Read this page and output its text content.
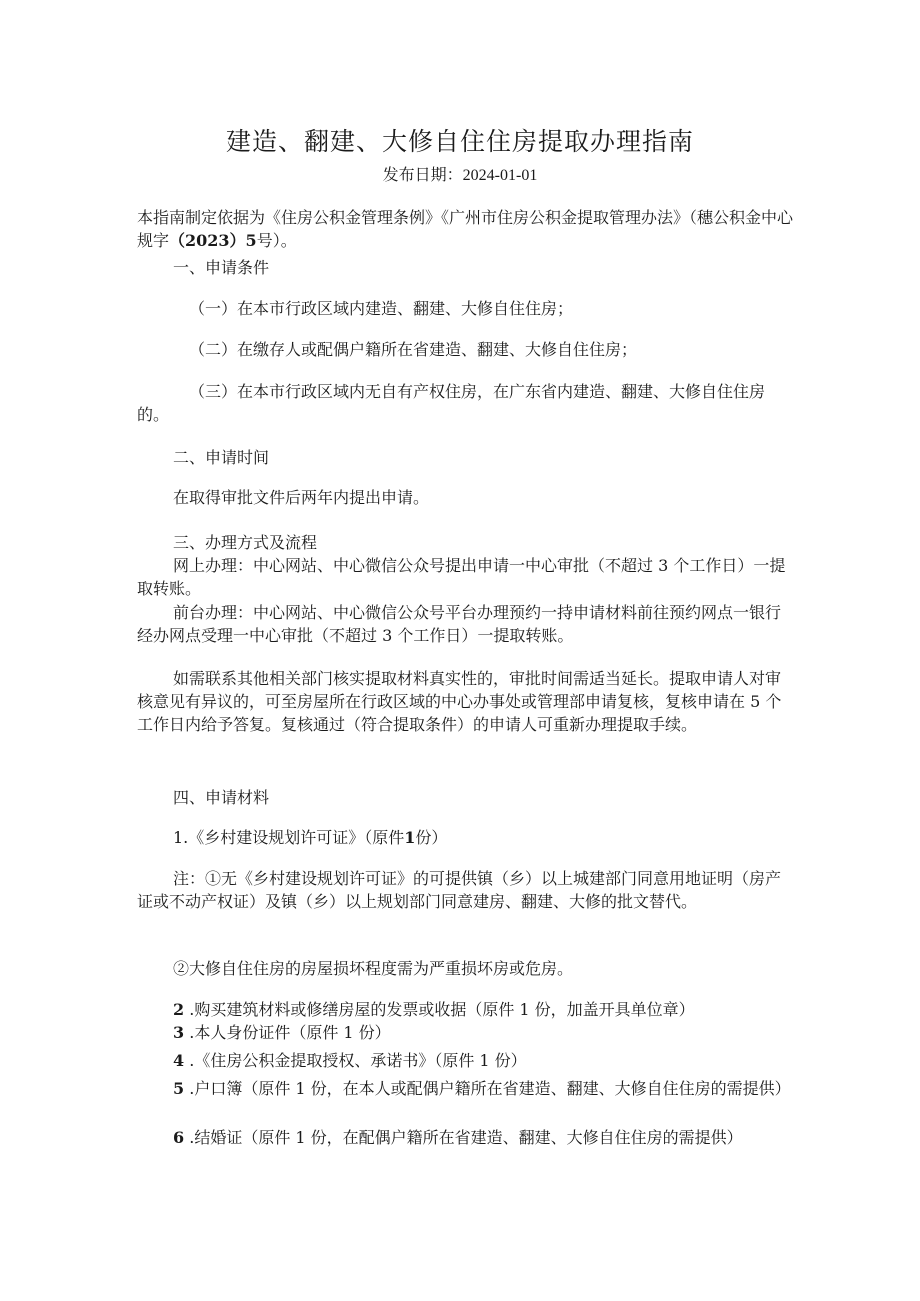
建造、翻建、大修自住住房提取办理指南
发布日期：2024-01-01

本指南制定依据为《住房公积金管理条例》《广州市住房公积金提取管理办法》（穗公积金中心规字（2023）5号）。

一、申请条件

（一）在本市行政区域内建造、翻建、大修自住住房；

（二）在缴存人或配偶户籍所在省建造、翻建、大修自住住房；

（三）在本市行政区域内无自有产权住房，在广东省内建造、翻建、大修自住住房的。

二、申请时间

在取得审批文件后两年内提出申请。

三、办理方式及流程

网上办理：中心网站、中心微信公众号提出申请一中心审批（不超过 3 个工作日）一提取转账。

前台办理：中心网站、中心微信公众号平台办理预约一持申请材料前往预约网点一银行经办网点受理一中心审批（不超过 3 个工作日）一提取转账。

如需联系其他相关部门核实提取材料真实性的，审批时间需适当延长。提取申请人对审核意见有异议的，可至房屋所在行政区域的中心办事处或管理部申请复核，复核申请在 5 个工作日内给予答复。复核通过（符合提取条件）的申请人可重新办理提取手续。

四、申请材料

1.《乡村建设规划许可证》（原件1份）

注：①无《乡村建设规划许可证》的可提供镇（乡）以上城建部门同意用地证明（房产证或不动产权证）及镇（乡）以上规划部门同意建房、翻建、大修的批文替代。

②大修自住住房的房屋损坏程度需为严重损坏房或危房。

2 .购买建筑材料或修缮房屋的发票或收据（原件 1 份，加盖开具单位章）

3 .本人身份证件（原件 1 份）

4 .《住房公积金提取授权、承诺书》（原件 1 份）

5 .户口簿（原件 1 份，在本人或配偶户籍所在省建造、翻建、大修自住住房的需提供）

6 .结婚证（原件 1 份，在配偶户籍所在省建造、翻建、大修自住住房的需提供）
